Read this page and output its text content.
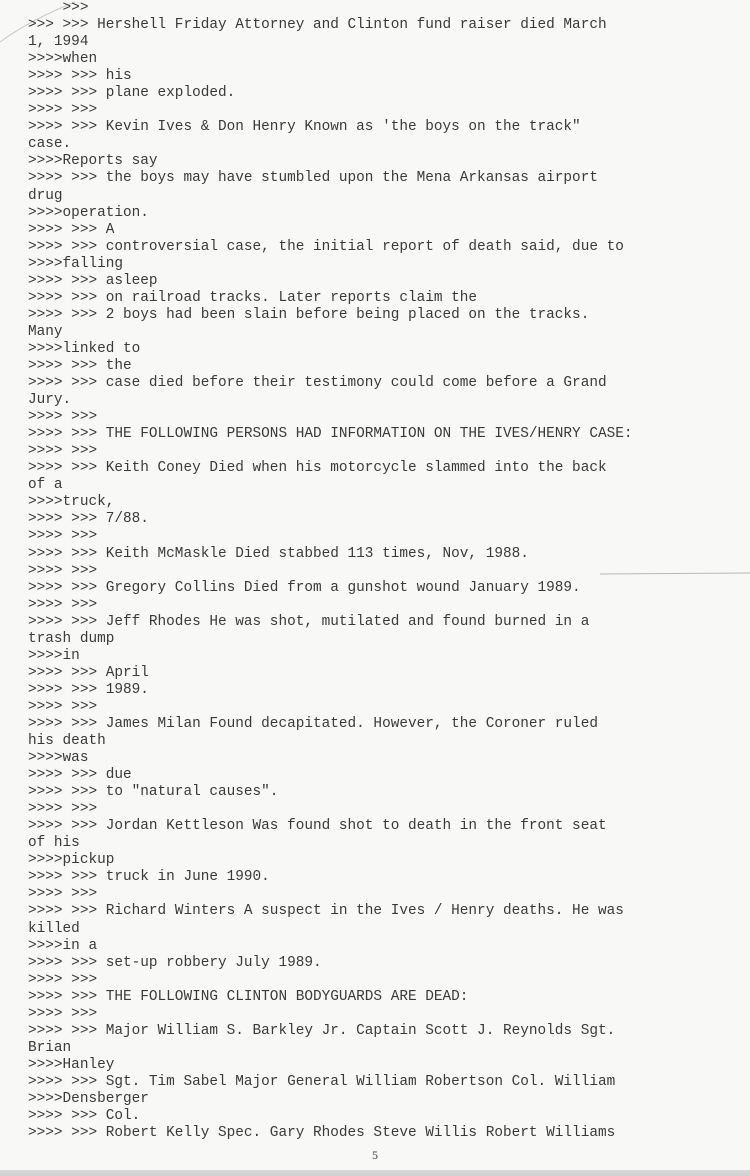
>>>
>>> >>> Hershell Friday Attorney and Clinton fund raiser died March
1, 1994
>>>>when
>>>> >>> his
>>>> >>> plane exploded.
>>>> >>>
>>>> >>> Kevin Ives & Don Henry Known as 'the boys on the track"
case.
>>>>Reports say
>>>> >>> the boys may have stumbled upon the Mena Arkansas airport
drug
>>>>operation.
>>>> >>> A
>>>> >>> controversial case, the initial report of death said, due to
>>>>falling
>>>> >>> asleep
>>>> >>> on railroad tracks. Later reports claim the
>>>> >>> 2 boys had been slain before being placed on the tracks.
Many
>>>>linked to
>>>> >>> the
>>>> >>> case died before their testimony could come before a Grand
Jury.
>>>> >>>
>>>> >>> THE FOLLOWING PERSONS HAD INFORMATION ON THE IVES/HENRY CASE:
>>>> >>>
>>>> >>> Keith Coney Died when his motorcycle slammed into the back
of a
>>>>truck,
>>>> >>> 7/88.
>>>> >>>
>>>> >>> Keith McMaskle Died stabbed 113 times, Nov, 1988.
>>>> >>>
>>>> >>> Gregory Collins Died from a gunshot wound January 1989.
>>>> >>>
>>>> >>> Jeff Rhodes He was shot, mutilated and found burned in a
trash dump
>>>>in
>>>> >>> April
>>>> >>> 1989.
>>>> >>>
>>>> >>> James Milan Found decapitated. However, the Coroner ruled
his death
>>>>was
>>>> >>> due
>>>> >>> to "natural causes".
>>>> >>>
>>>> >>> Jordan Kettleson Was found shot to death in the front seat
of his
>>>>pickup
>>>> >>> truck in June 1990.
>>>> >>>
>>>> >>> Richard Winters A suspect in the Ives / Henry deaths. He was
killed
>>>>in a
>>>> >>> set-up robbery July 1989.
>>>> >>>
>>>> >>> THE FOLLOWING CLINTON BODYGUARDS ARE DEAD:
>>>> >>>
>>>> >>> Major William S. Barkley Jr. Captain Scott J. Reynolds Sgt.
Brian
>>>>Hanley
>>>> >>> Sgt. Tim Sabel Major General William Robertson Col. William
>>>>Densberger
>>>> >>> Col.
>>>> >>> Robert Kelly Spec. Gary Rhodes Steve Willis Robert Williams
5
